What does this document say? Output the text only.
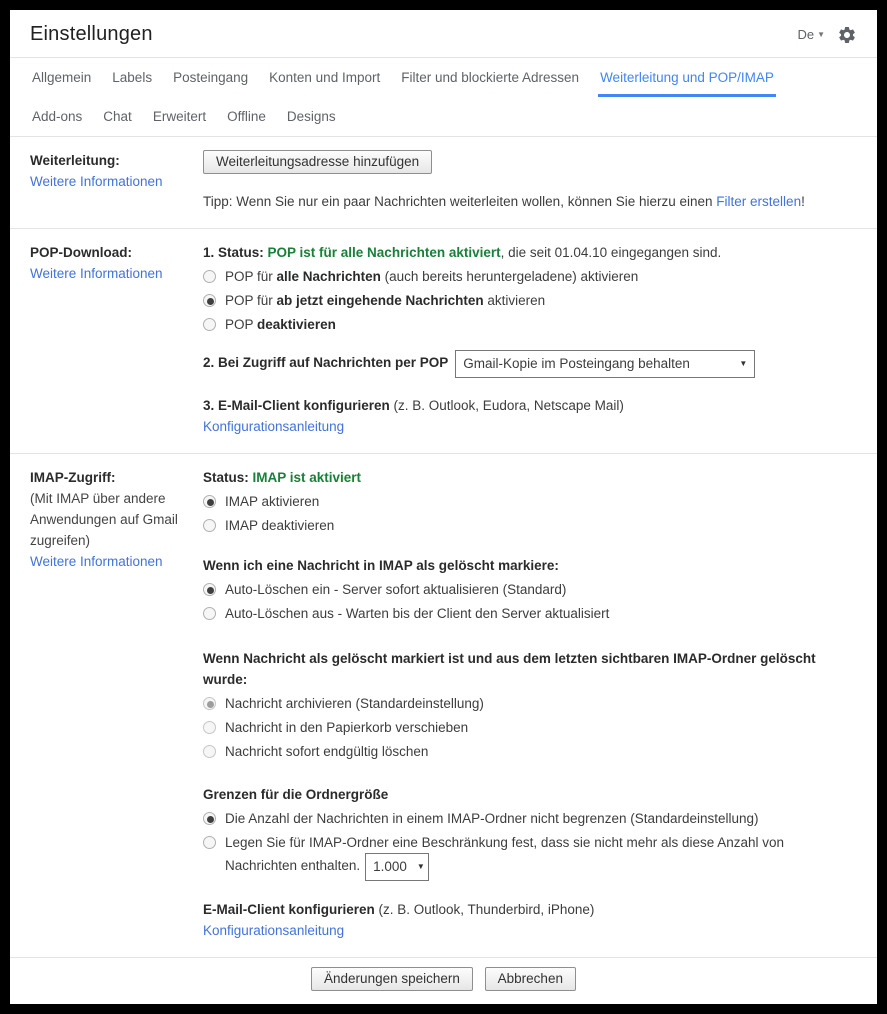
Einstellungen	De ▼
Allgemein Labels Posteingang Konten und Import Filter und blockierte Adressen Weiterleitung und POP/IMAP
Add-ons Chat Erweitert Offline Designs
Weiterleitung:
Weitere Informationen
Weiterleitungsadresse hinzufügen
Tipp: Wenn Sie nur ein paar Nachrichten weiterleiten wollen, können Sie hierzu einen Filter erstellen!
POP-Download:
Weitere Informationen
1. Status: POP ist für alle Nachrichten aktiviert, die seit 01.04.10 eingegangen sind.
POP für alle Nachrichten (auch bereits heruntergeladene) aktivieren
POP für ab jetzt eingehende Nachrichten aktivieren
POP deaktivieren
2. Bei Zugriff auf Nachrichten per POP Gmail-Kopie im Posteingang behalten	▼
3. E-Mail-Client konfigurieren (z. B. Outlook, Eudora, Netscape Mail)
Konfigurationsanleitung
IMAP-Zugriff:
(Mit IMAP über andere Anwendungen auf Gmail zugreifen)
Weitere Informationen
Status: IMAP ist aktiviert
IMAP aktivieren
IMAP deaktivieren
Wenn ich eine Nachricht in IMAP als gelöscht markiere:
Auto-Löschen ein - Server sofort aktualisieren (Standard)
Auto-Löschen aus - Warten bis der Client den Server aktualisiert
Wenn Nachricht als gelöscht markiert ist und aus dem letzten sichtbaren IMAP-Ordner gelöscht wurde:
Nachricht archivieren (Standardeinstellung)
Nachricht in den Papierkorb verschieben
Nachricht sofort endgültig löschen
Grenzen für die Ordnergröße
Die Anzahl der Nachrichten in einem IMAP-Ordner nicht begrenzen (Standardeinstellung)
Legen Sie für IMAP-Ordner eine Beschränkung fest, dass sie nicht mehr als diese Anzahl von
Nachrichten enthalten. 1.000 ▼
E-Mail-Client konfigurieren (z. B. Outlook, Thunderbird, iPhone)
Konfigurationsanleitung
Änderungen speichern	Abbrechen
